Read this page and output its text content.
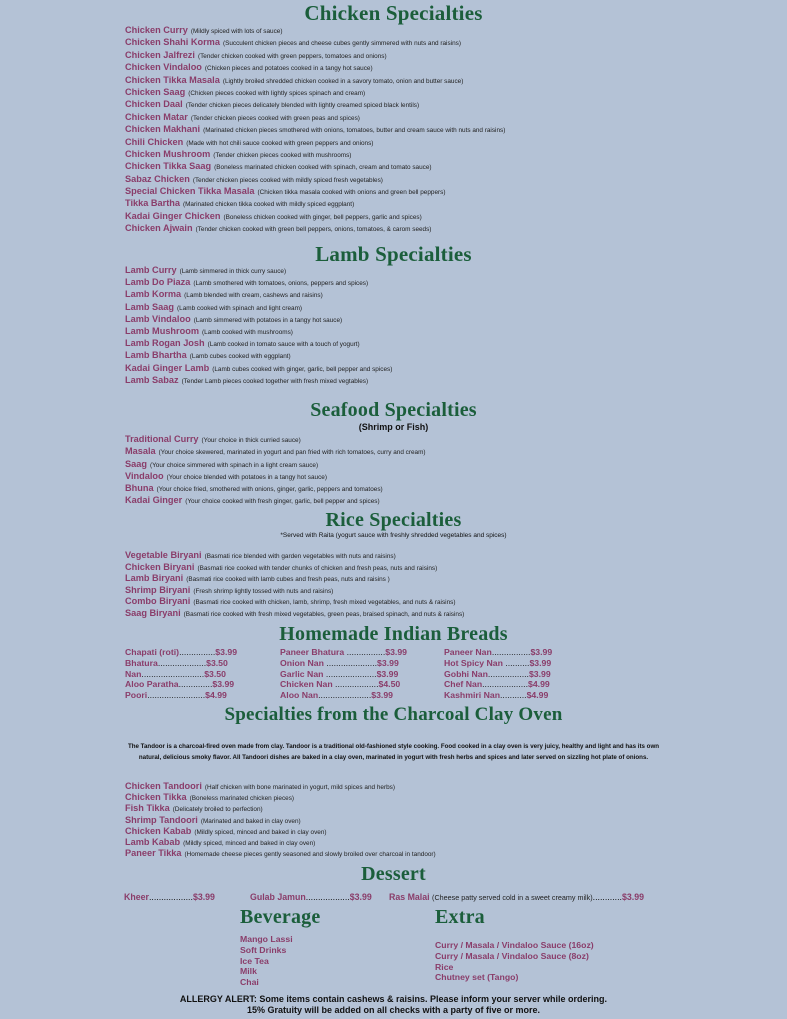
Chicken Specialties
Chicken Curry (Mildly spiced with lots of sauce)
Chicken Shahi Korma (Succulent chicken pieces and cheese cubes gently simmered with nuts and raisins)
Chicken Jalfrezi (Tender chicken cooked with green peppers, tomatoes and onions)
Chicken Vindaloo (Chicken pieces and potatoes cooked in a tangy hot sauce)
Chicken Tikka Masala (Lightly broiled shredded chicken cooked in a savory tomato, onion and butter sauce)
Chicken Saag (Chicken pieces cooked with lightly spices spinach and cream)
Chicken Daal (Tender chicken pieces delicately blended with lightly creamed spiced black lentils)
Chicken Matar (Tender chicken pieces cooked with green peas and spices)
Chicken Makhani (Marinated chicken pieces smothered with onions, tomatoes, butter and cream sauce with nuts and raisins)
Chili Chicken (Made with hot chili sauce cooked with green peppers and onions)
Chicken Mushroom (Tender chicken pieces cooked with mushrooms)
Chicken Tikka Saag (Boneless marinated chicken cooked with spinach, cream and tomato sauce)
Sabaz Chicken (Tender chicken pieces cooked with mildly spiced fresh vegetables)
Special Chicken Tikka Masala (Chicken tikka masala cooked with onions and green bell peppers)
Tikka Bartha (Marinated chicken tikka cooked with mildly spiced eggplant)
Kadai Ginger Chicken (Boneless chicken cooked with ginger, bell peppers, garlic and spices)
Chicken Ajwain (Tender chicken cooked with green bell peppers, onions, tomatoes, & carom seeds)
Lamb Specialties
Lamb Curry (Lamb simmered in thick curry sauce)
Lamb Do Piaza (Lamb smothered with tomatoes, onions, peppers and spices)
Lamb Korma (Lamb blended with cream, cashews and raisins)
Lamb Saag (Lamb cooked with spinach and light cream)
Lamb Vindaloo (Lamb simmered with potatoes in a tangy hot sauce)
Lamb Mushroom (Lamb cooked with mushrooms)
Lamb Rogan Josh (Lamb cooked in tomato sauce with a touch of yogurt)
Lamb Bhartha (Lamb cubes cooked with eggplant)
Kadai Ginger Lamb (Lamb cubes cooked with ginger, garlic, bell pepper and spices)
Lamb Sabaz (Tender Lamb pieces cooked together with fresh mixed vegtables)
Seafood Specialties
(Shrimp or Fish)
Traditional Curry (Your choice in thick curried sauce)
Masala (Your choice skewered, marinated in yogurt and pan fried with rich tomatoes, curry and cream)
Saag (Your choice simmered with spinach in a light cream sauce)
Vindaloo (Your choice blended with potatoes in a tangy hot sauce)
Bhuna (Your choice fried, smothered with onions, ginger, garlic, peppers and tomatoes)
Kadai Ginger (Your choice cooked with fresh ginger, garlic, bell pepper and spices)
Rice Specialties
*Served with Raita (yogurt sauce with freshly shredded vegetables and spices)
Vegetable Biryani (Basmati rice blended with garden vegetables with nuts and raisins)
Chicken Biryani (Basmati rice cooked with tender chunks of chicken and fresh peas, nuts and raisins)
Lamb Biryani (Basmati rice cooked with lamb cubes and fresh peas, nuts and raisins )
Shrimp Biryani (Fresh shrimp lightly tossed with nuts and raisins)
Combo Biryani (Basmati rice cooked with chicken, lamb, shrimp, fresh mixed vegetables, and nuts & raisins)
Saag Biryani (Basmati rice cooked with fresh mixed vegetables, green peas, braised spinach, and nuts & raisins)
Homemade Indian Breads
Chapati (roti)...............$3.99
Bhatura....................$3.50
Nan..........................$3.50
Aloo Paratha..............$3.99
Poori........................$4.99
Paneer Bhatura ................$3.99
Onion Nan .....................$3.99
Garlic Nan .....................$3.99
Chicken Nan ..................$4.50
Aloo Nan......................$3.99
Paneer Nan................$3.99
Hot Spicy Nan ..........$3.99
Gobhi Nan.................$3.99
Chef Nan...................$4.99
Kashmiri Nan...........$4.99
Specialties from the Charcoal Clay Oven
The Tandoor is a charcoal-fired oven made from clay. Tandoor is a traditional old-fashioned style cooking. Food cooked in a clay oven is very juicy, healthy and light and has its own natural, delicious smoky flavor. All Tandoori dishes are baked in a clay oven, marinated in yogurt with fresh herbs and spices and later served on sizzling hot plate of onions.
Chicken Tandoori (Half chicken with bone marinated in yogurt, mild spices and herbs)
Chicken Tikka (Boneless marinated chicken pieces)
Fish Tikka (Delicately broiled to perfection)
Shrimp Tandoori (Marinated and baked in clay oven)
Chicken Kabab (Mildly spiced, minced and baked in clay oven)
Lamb Kabab (Mildly spiced, minced and baked in clay oven)
Paneer Tikka (Homemade cheese pieces gently seasoned and slowly broiled over charcoal in tandoor)
Dessert
Kheer..................$3.99	Gulab Jamun..................$3.99 Ras Malai (Cheese patty served cold in a sweet creamy milk)............$3.99
Beverage
Mango Lassi
Soft Drinks
Ice Tea
Milk
Chai
Extra
Curry / Masala / Vindaloo Sauce (16oz)
Curry / Masala / Vindaloo Sauce (8oz)
Rice
Chutney set (Tango)
ALLERGY ALERT: Some items contain cashews & raisins. Please inform your server while ordering.
15% Gratuity will be added on all checks with a party of five or more.
